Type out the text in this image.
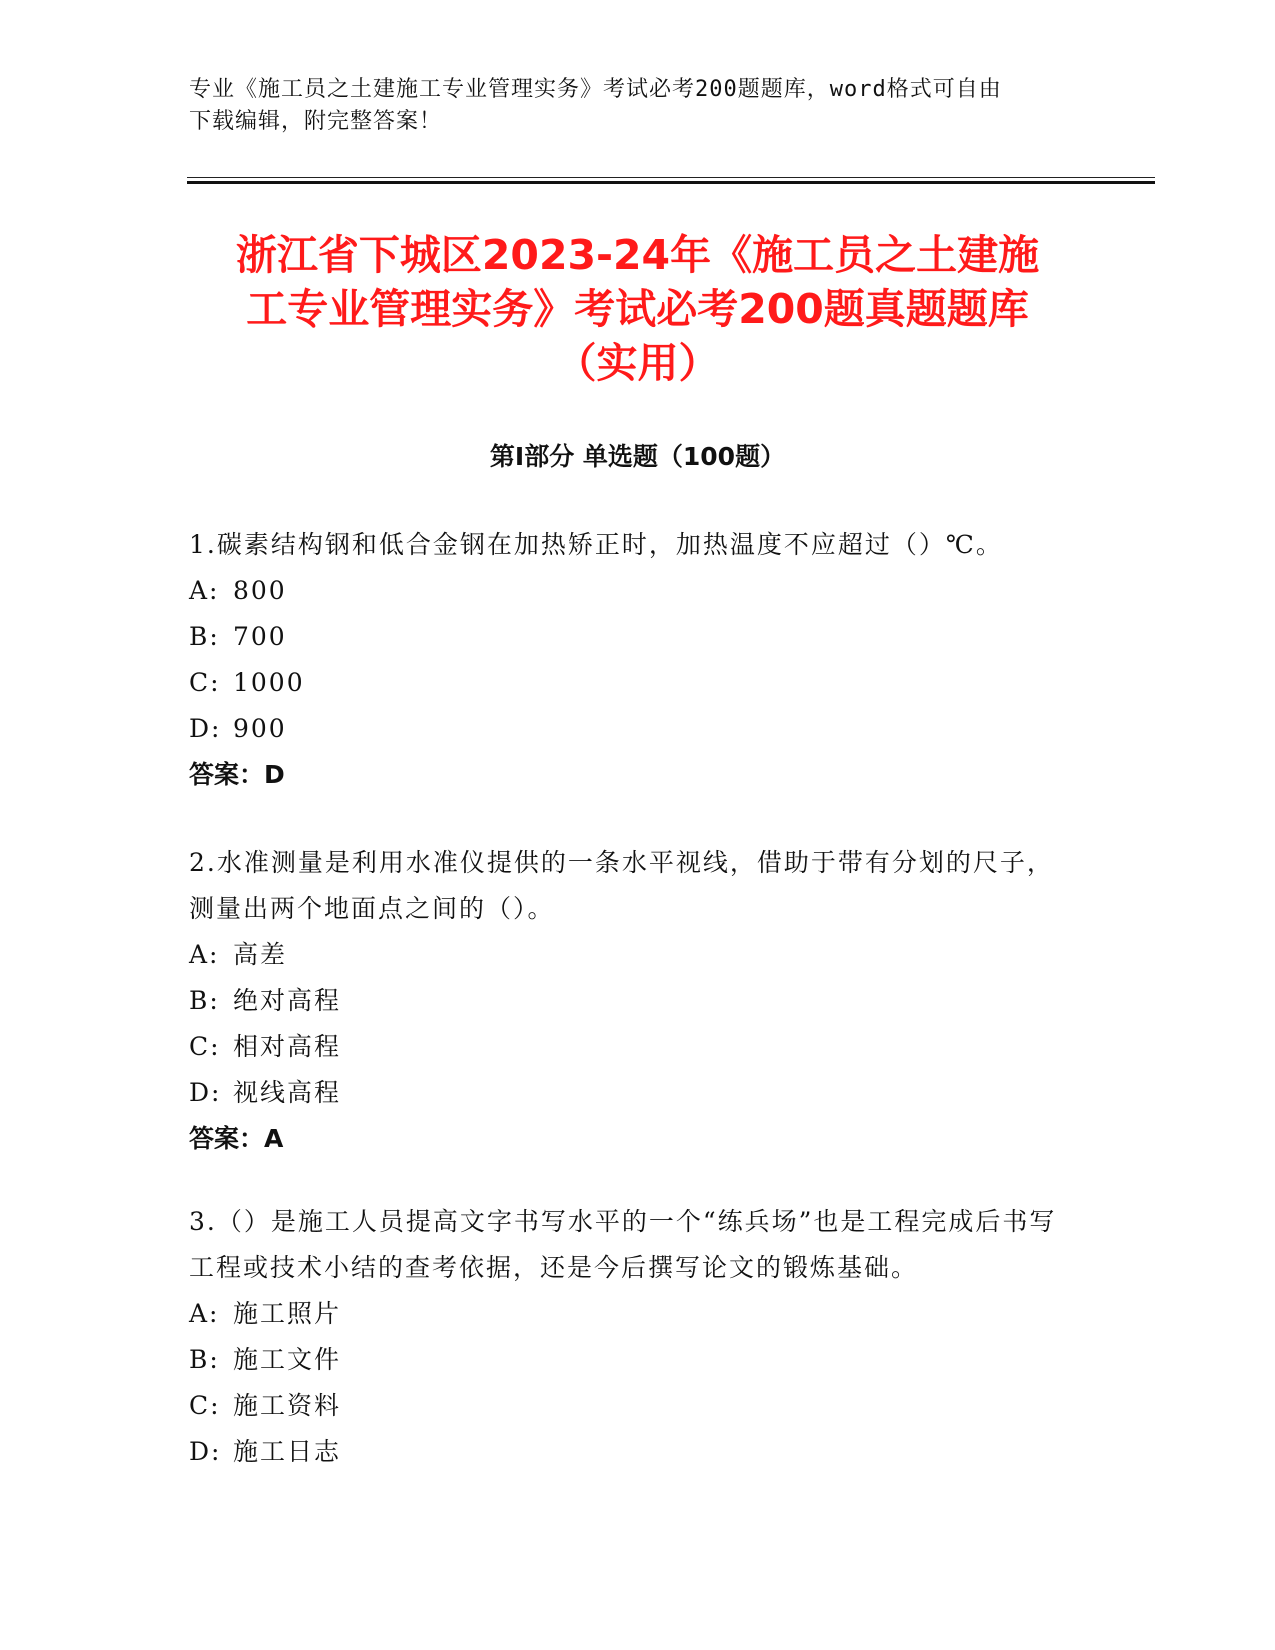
专业《施工员之土建施工专业管理实务》考试必考200题题库，word格式可自由
下载编辑，附完整答案！
浙江省下城区2023-24年《施工员之土建施
工专业管理实务》考试必考200题真题题库
（实用）
第Ⅰ部分 单选题（100题）

1.碳素结构钢和低合金钢在加热矫正时，加热温度不应超过（）℃。

A: 800

B: 700

C: 1000

D: 900

答案：D

2.水准测量是利用水准仪提供的一条水平视线，借助于带有分划的尺子，测量出两个地面点之间的（）。

A: 高差

B: 绝对高程

C: 相对高程

D: 视线高程

答案：A

3.（）是施工人员提高文字书写水平的一个“练兵场”也是工程完成后书写工程或技术小结的查考依据，还是今后撰写论文的锻炼基础。

A: 施工照片

B: 施工文件

C: 施工资料

D: 施工日志
